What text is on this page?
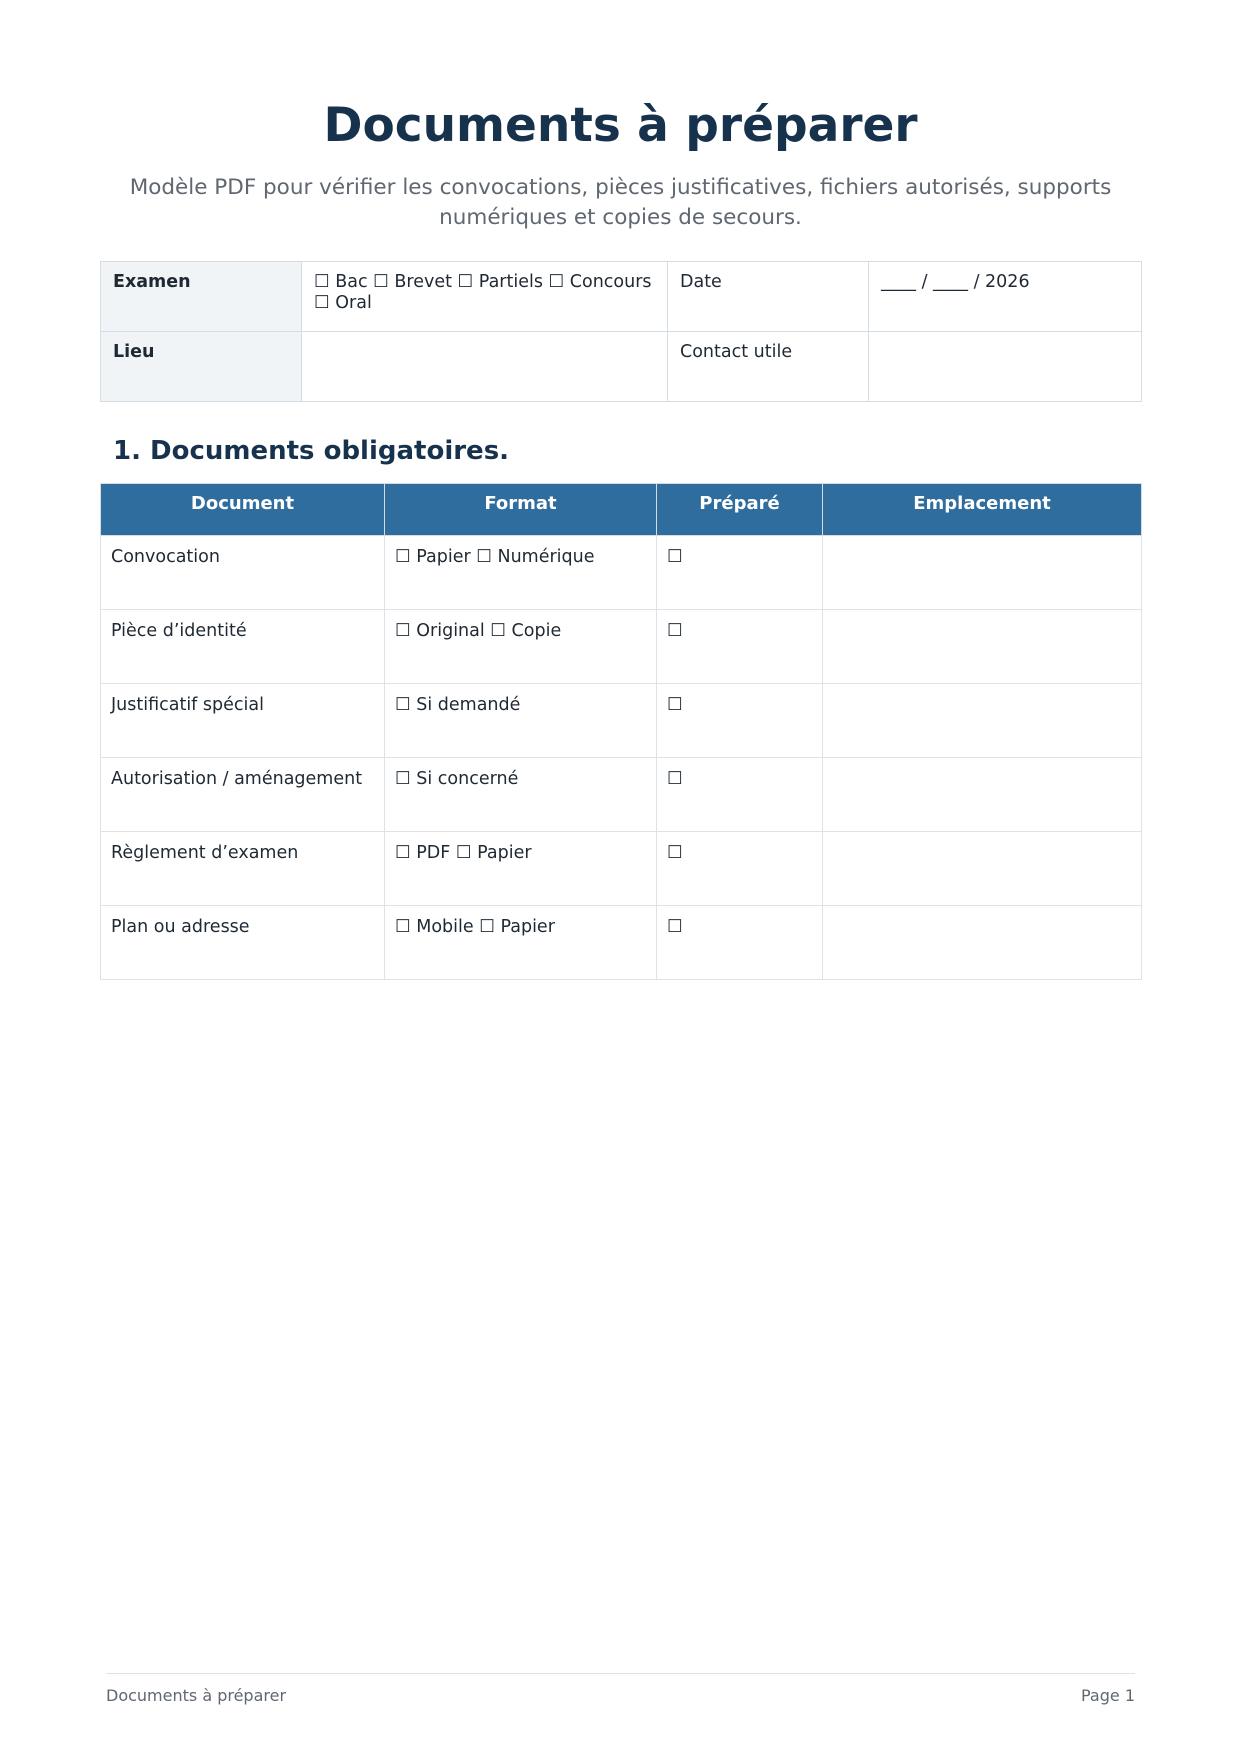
Documents à préparer
Modèle PDF pour vérifier les convocations, pièces justificatives, fichiers autorisés, supports numériques et copies de secours.
Examen	☐ Bac ☐ Brevet ☐ Partiels ☐ Concours ☐ Oral	Date	____ / ____ / 2026
Lieu		Contact utile	
1. Documents obligatoires.
Document	Format	Préparé	Emplacement
Convocation	☐ Papier ☐ Numérique	☐	
Pièce d’identité	☐ Original ☐ Copie	☐	
Justificatif spécial	☐ Si demandé	☐	
Autorisation / aménagement	☐ Si concerné	☐	
Règlement d’examen	☐ PDF ☐ Papier	☐	
Plan ou adresse	☐ Mobile ☐ Papier	☐	
Documents à préparer	Page 1
